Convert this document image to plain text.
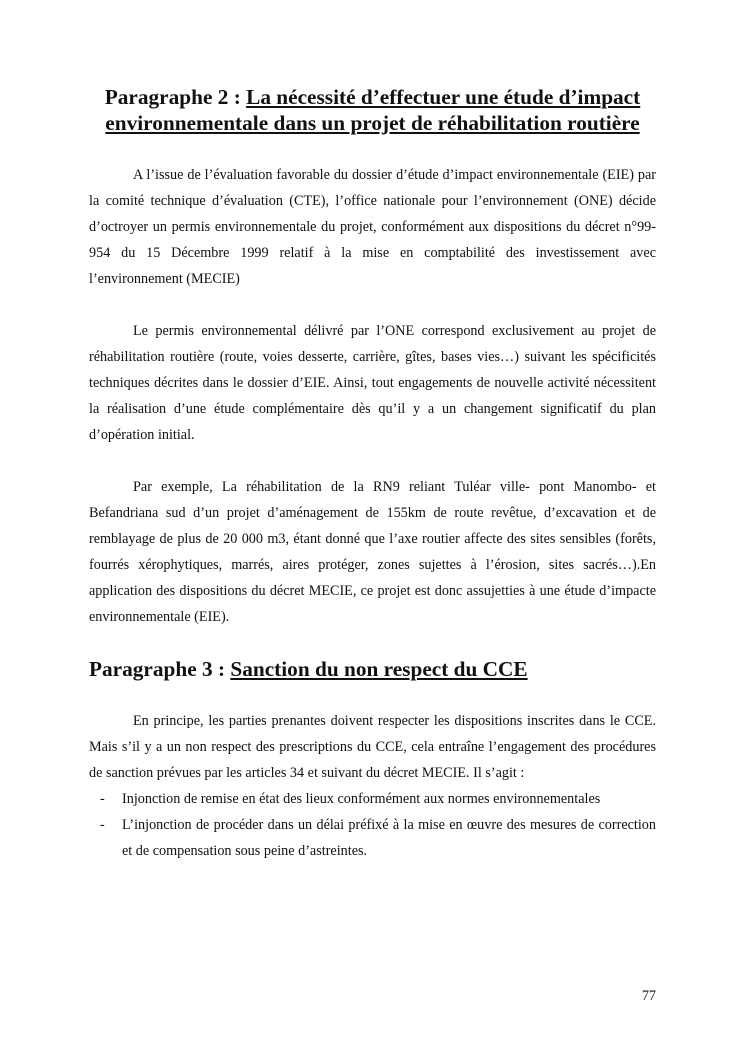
Paragraphe 2 : La nécessité d’effectuer une étude d’impact environnementale dans un projet de réhabilitation routière

A l’issue de l’évaluation favorable du dossier d’étude d’impact environnementale (EIE) par la comité technique d’évaluation (CTE), l’office nationale pour l’environnement (ONE) décide d’octroyer un permis environnementale du projet, conformément aux dispositions du décret n°99-954 du 15 Décembre 1999 relatif à la mise en comptabilité des investissement avec l’environnement (MECIE)

Le permis environnemental délivré par l’ONE correspond exclusivement au projet de réhabilitation routière (route, voies desserte, carrière, gîtes, bases vies…) suivant les spécificités techniques décrites dans le dossier d’EIE. Ainsi, tout engagements de nouvelle activité nécessitent la réalisation d’une étude complémentaire dès qu’il y a un changement significatif du plan d’opération initial.

Par exemple, La réhabilitation de la RN9 reliant Tuléar ville- pont Manombo- et Befandriana sud d’un projet d’aménagement de 155km de route revêtue, d’excavation et de remblayage de plus de 20 000 m3, étant donné que l’axe routier affecte des sites sensibles (forêts, fourrés xérophytiques, marrés, aires protéger, zones sujettes à l’érosion, sites sacrés…).En application des dispositions du décret MECIE, ce projet est donc assujetties à une étude d’impacte environnementale (EIE).

Paragraphe 3 : Sanction du non respect du CCE

En principe, les parties prenantes doivent respecter les dispositions inscrites dans le CCE. Mais s’il y a un non respect des prescriptions du CCE, cela entraîne l’engagement des procédures de sanction prévues par les articles 34 et suivant du décret MECIE. Il s’agit :

- Injonction de remise en état des lieux conformément aux normes environnementales
- L’injonction de procéder dans un délai préfixé à la mise en œuvre des mesures de correction et de compensation sous peine d’astreintes.
77
